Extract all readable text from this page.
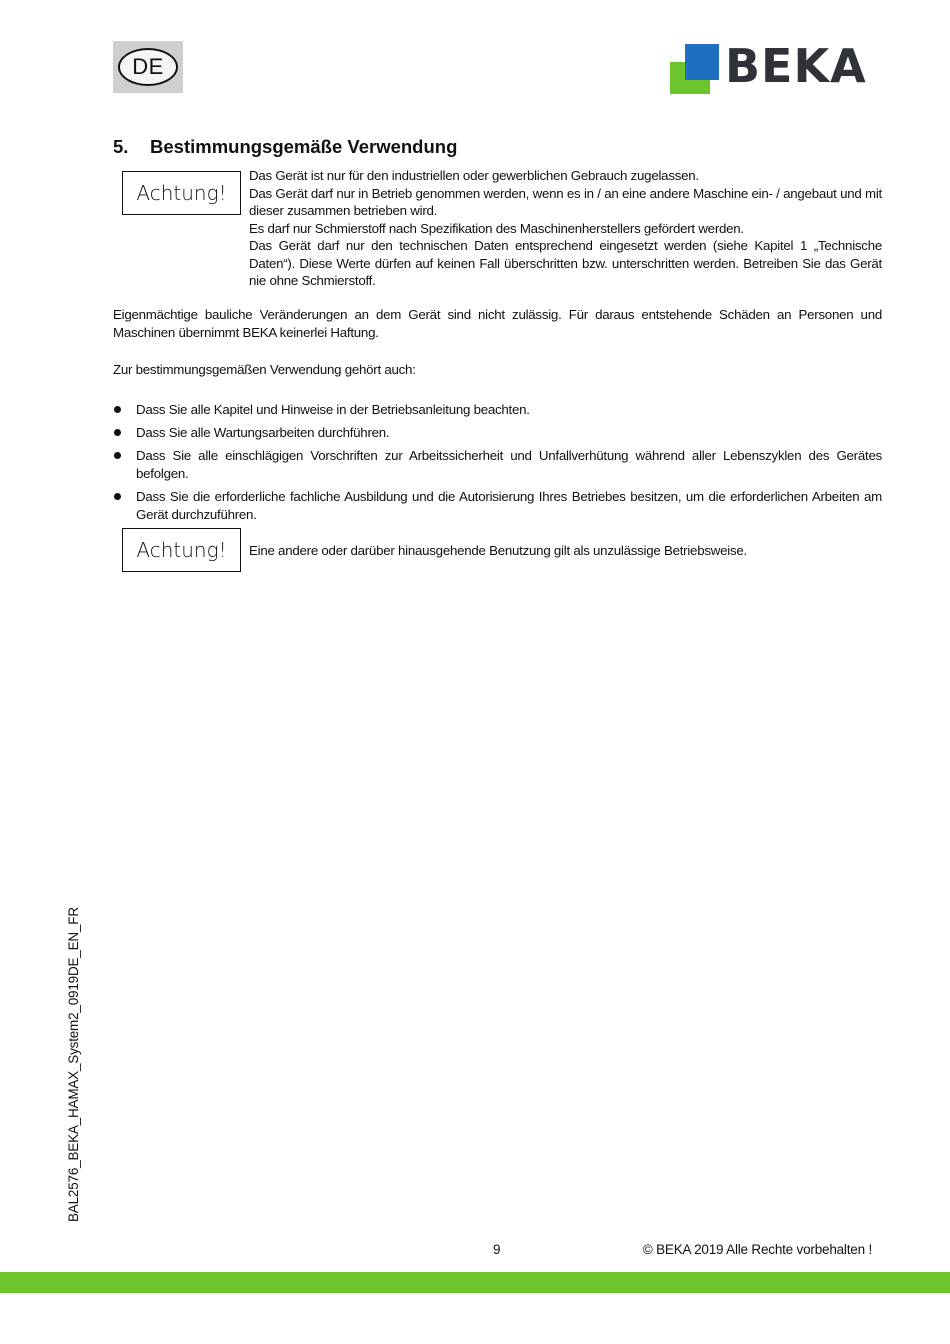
DE	BEKA
5. Bestimmungsgemäße Verwendung
Achtung!

Das Gerät ist nur für den industriellen oder gewerblichen Gebrauch zugelassen.

Das Gerät darf nur in Betrieb genommen werden, wenn es in / an eine andere Maschine ein- / angebaut und mit dieser zusammen betrieben wird.

Es darf nur Schmierstoff nach Spezifikation des Maschinenherstellers gefördert werden.

Das Gerät darf nur den technischen Daten entsprechend eingesetzt werden (siehe Kapitel 1 „Technische Daten“). Diese Werte dürfen auf keinen Fall überschritten bzw. unterschritten werden. Betreiben Sie das Gerät nie ohne Schmierstoff.

Eigenmächtige bauliche Veränderungen an dem Gerät sind nicht zulässig. Für daraus entstehende Schäden an Personen und Maschinen übernimmt BEKA keinerlei Haftung.

Zur bestimmungsgemäßen Verwendung gehört auch:

Dass Sie alle Kapitel und Hinweise in der Betriebsanleitung beachten.
Dass Sie alle Wartungsarbeiten durchführen.
Dass Sie alle einschlägigen Vorschriften zur Arbeitssicherheit und Unfallverhütung während aller Lebenszyklen des Gerätes befolgen.
Dass Sie die erforderliche fachliche Ausbildung und die Autorisierung Ihres Betriebes besitzen, um die erforderlichen Arbeiten am Gerät durchzuführen.
Achtung!	Eine andere oder darüber hinausgehende Benutzung gilt als unzulässige Betriebsweise.
BAL2576_BEKA_HAMAX_System2_0919DE_EN_FR
9	© BEKA 2019 Alle Rechte vorbehalten !
